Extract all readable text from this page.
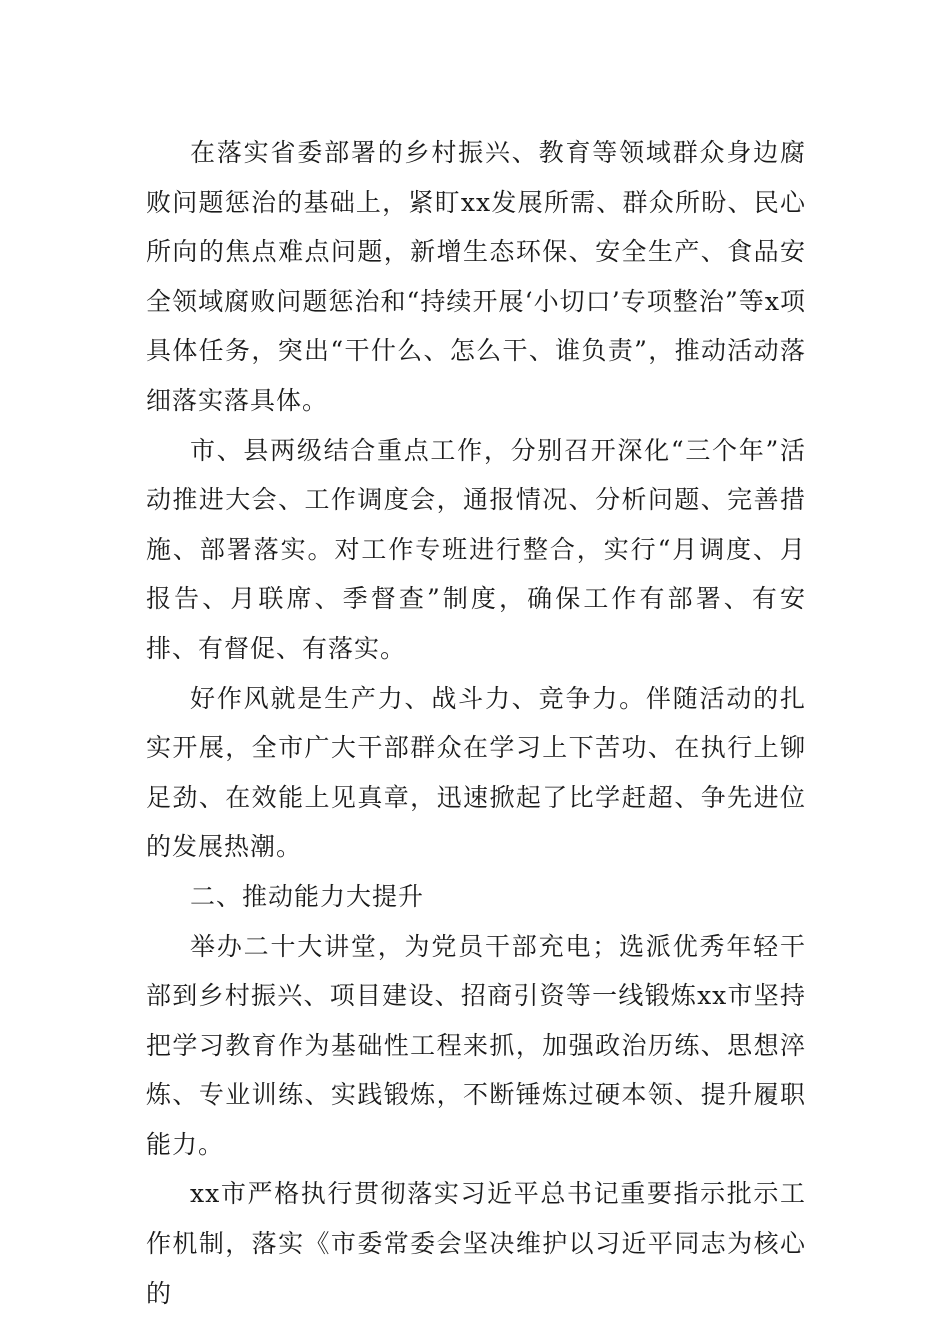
在落实省委部署的乡村振兴、教育等领域群众身边腐败问题惩治的基础上，紧盯xx发展所需、群众所盼、民心所向的焦点难点问题，新增生态环保、安全生产、食品安全领域腐败问题惩治和“持续开展‘小切口’专项整治”等x项具体任务，突出“干什么、怎么干、谁负责”，推动活动落细落实落具体。

市、县两级结合重点工作，分别召开深化“三个年”活动推进大会、工作调度会，通报情况、分析问题、完善措施、部署落实。对工作专班进行整合，实行“月调度、月报告、月联席、季督查”制度，确保工作有部署、有安排、有督促、有落实。

好作风就是生产力、战斗力、竞争力。伴随活动的扎实开展，全市广大干部群众在学习上下苦功、在执行上铆足劲、在效能上见真章，迅速掀起了比学赶超、争先进位的发展热潮。

二、推动能力大提升

举办二十大讲堂，为党员干部充电；选派优秀年轻干部到乡村振兴、项目建设、招商引资等一线锻炼xx市坚持把学习教育作为基础性工程来抓，加强政治历练、思想淬炼、专业训练、实践锻炼，不断锤炼过硬本领、提升履职能力。

xx市严格执行贯彻落实习近平总书记重要指示批示工作机制，落实《市委常委会坚决维护以习近平同志为核心的
